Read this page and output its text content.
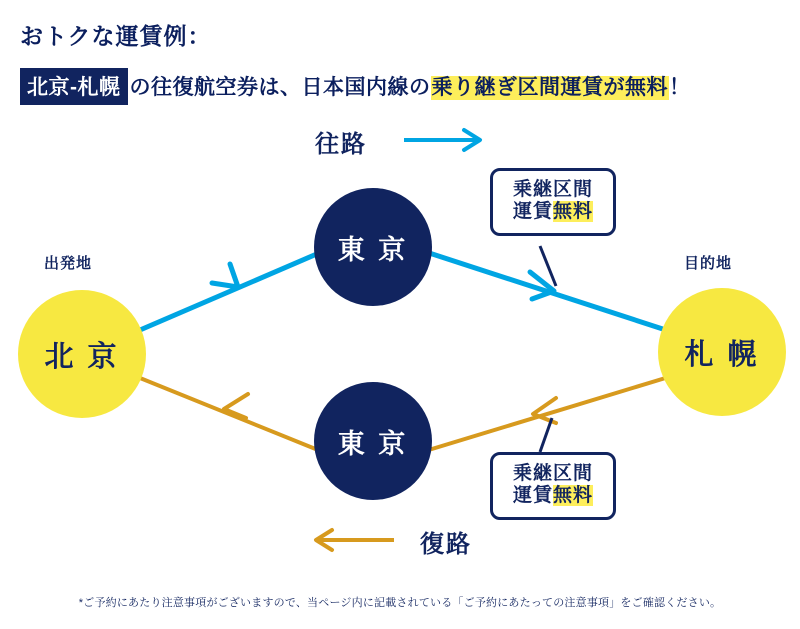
おトクな運賃例：
北京-札幌 の往復航空券は、日本国内線の乗り継ぎ区間運賃が無料！
北 京
出発地
札 幌
目的地
東 京
東 京
往路
復路
乗継区間
運賃無料
乗継区間
運賃無料
*ご予約にあたり注意事項がございますので、当ページ内に記載されている「ご予約にあたっての注意事項」をご確認ください。
